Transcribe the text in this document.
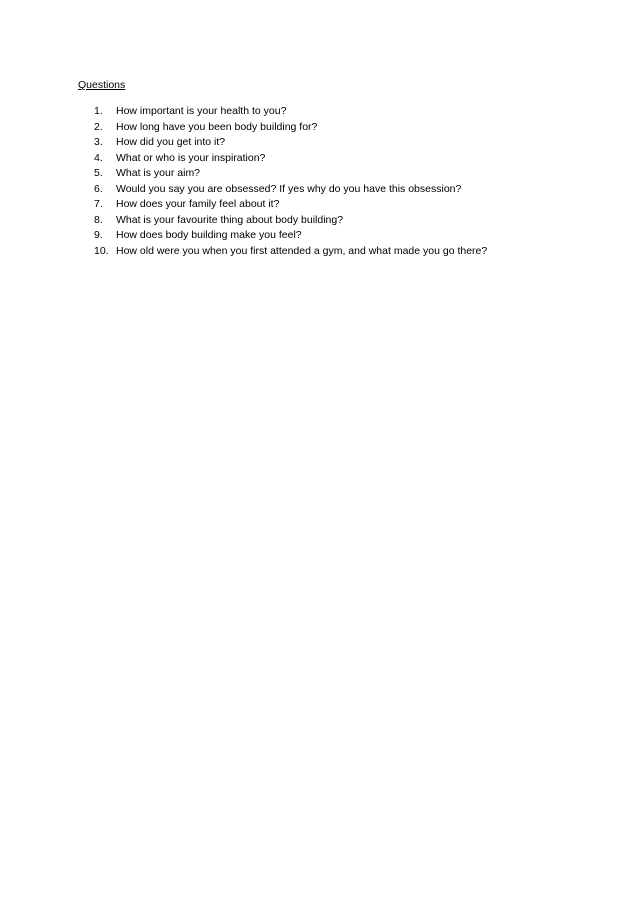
Questions
1.	How important is your health to you?
2.	How long have you been body building for?
3.	How did you get into it?
4.	What or who is your inspiration?
5.	What is your aim?
6.	Would you say you are obsessed? If yes why do you have this obsession?
7.	How does your family feel about it?
8.	What is your favourite thing about body building?
9.	How does body building make you feel?
10. How old were you when you first attended a gym, and what made you go there?
